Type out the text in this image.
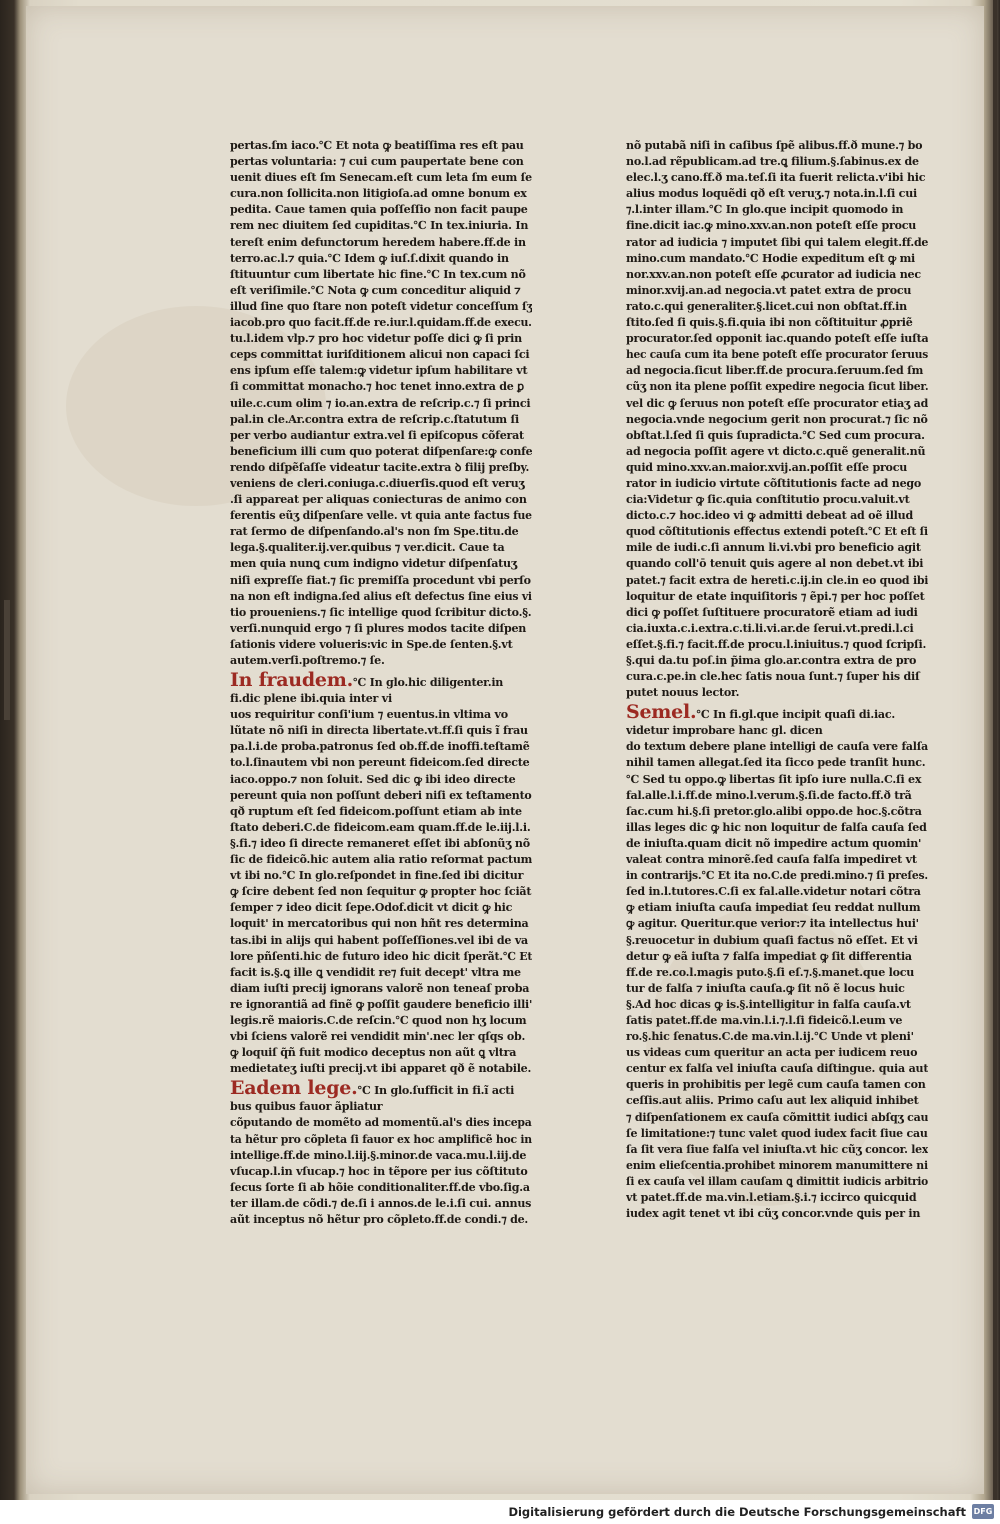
pertas.ſm iaco.℃ Et nota ꝙ beatiſſima res eſt pau
pertas voluntaria: ⁊ cui cum paupertate bene con
uenit diues eſt ſm Senecam.eſt cum leta ſm eum ſe
cura.non ſollicita.non litigioſa.ad omne bonum ex
pedita. Caue tamen quia poſſeſſio non facit paupe
rem nec diuitem ſed cupiditas.℃ In tex.iniuria. In
tereſt enim defunctorum heredem habere.ff.de in
terro.ac.l.⁊ quia.℃ Idem ꝙ iuſ.ſ.dixit quando in
ſtituuntur cum libertate hic fine.℃ In tex.cum nõ
eſt veriſimile.℃ Nota ꝙ cum conceditur aliquid ⁊
illud ſine quo ſtare non poteſt videtur conceſſum ſʒ
iacob.pro quo facit.ff.de re.iur.l.quidam.ff.de execu.
tu.l.idem vlp.⁊ pro hoc videtur poſſe dici ꝙ ſi prin
ceps committat iuriſditionem alicui non capaci ſci
ens ipſum eſſe talem:ꝙ videtur ipſum habilitare vt
ſi committat monacho.⁊ hoc tenet inno.extra de ꝑ
uile.c.cum olim ⁊ io.an.extra de reſcrip.c.⁊ ſi princi
pal.in cle.Ar.contra extra de reſcrip.c.ſtatutum ſi
per verbo audiantur extra.vel ſi epiſcopus cõferat
beneficium illi cum quo poterat diſpenſare:ꝙ confe
rendo diſpẽſaſſe videatur tacite.extra ꝺ filij preſby.
veniens de cleri.coniuga.c.diuerſis.quod eſt veruʒ
.ſi appareat per aliquas coniecturas de animo con
ferentis eũʒ diſpenſare velle. vt quia ante factus fue
rat ſermo de diſpenſando.al's non ſm Spe.titu.de
lega.§.qualiter.ij.ver.quibus ⁊ ver.dicit. Caue ta
men quia nunꝗ cum indigno videtur diſpenſatuʒ
niſi expreſſe fiat.⁊ ſic premiſſa procedunt vbi perſo
na non eſt indigna.ſed alius eſt defectus ſine eius vi
tio proueniens.⁊ ſic intellige quod ſcribitur dicto.§.
verſi.nunquid ergo ⁊ ſi plures modos tacite diſpen
ſationis videre volueris:vic in Spe.de ſenten.§.vt
autem.verſi.poſtremo.⁊ ſe.
In fraudem.℃ In glo.hic diligenter.in
fi.dic plene ibi.quia inter vi
uos requiritur conſi'ium ⁊ euentus.in vltima vo
lũtate nõ niſi in directa libertate.vt.ff.ſi quis ĩ frau
pa.l.i.de proba.patronus ſed ob.ff.de inoffi.teſtamẽ
to.l.ſinautem vbi non pereunt fideicom.ſed directe
iaco.oppo.⁊ non ſoluit. Sed dic ꝙ ibi ideo directe
pereunt quia non poſſunt deberi niſi ex teſtamento
qð ruptum eſt ſed fideicom.poſſunt etiam ab inte
ſtato deberi.C.de fideicom.eam quam.ff.de le.iij.l.i.
§.fi.⁊ ideo ſi directe remaneret eſſet ibi abſonũʒ nõ
ſic de fideicõ.hic autem alia ratio reſormat pactum
vt ibi no.℃ In glo.reſpondet in fine.ſed ibi dicitur
ꝙ ſcire debent ſed non ſequitur ꝙ propter hoc ſciãt
ſemper ⁊ ideo dicit ſepe.Odof.dicit vt dicit ꝙ hic
loquit' in mercatoribus qui non hñt res determina
tas.ibi in alijs qui habent poſſeſſiones.vel ibi de va
lore pñſenti.hic de futuro ideo hic dicit ſperãt.℃ Et
facit is.§.ꝗ ille ꝗ vendidit re⁊ fuit decept' vltra me
diam iuſti precij ignorans valorẽ non teneaſ proba
re ignorantiã ad finẽ ꝙ poſſit gaudere beneficio illi'
legis.rẽ maioris.C.de reſcin.℃ quod non hʒ locum
vbi ſciens valorẽ rei vendidit min'.nec ler qſqs ob.
ꝙ loquiſ q̃ñ fuit modico deceptus non aũt ꝗ vltra
medietateʒ iuſti precij.vt ibi apparet qð ẽ notabile.
Eadem lege.℃ In glo.ſufficit in fi.ĩ acti
bus quibus fauor ãpliatur
cõputando de momẽto ad momentũ.al's dies incepa
ta hẽtur pro cõpleta ſi fauor ex hoc amplificẽ hoc in
intellige.ff.de mino.l.iij.§.minor.de vaca.mu.l.iij.de
vſucap.l.in vſucap.⁊ hoc in tẽpore per ius cõſtituto
ſecus ſorte ſi ab hõie conditionaliter.ff.de vbo.ſig.a
ter illam.de cõdi.⁊ de.ſi i annos.de le.i.ſi cui. annus
aũt inceptus nõ hẽtur pro cõpleto.ff.de condi.⁊ de.
nõ putabã niſi in caſibus ſpẽ alibus.ff.ð mune.⁊ bo
no.l.ad rẽpublicam.ad tre.ꝗ filium.§.ſabinus.ex de
elec.l.ʒ cano.ff.ð ma.teſ.ſi ita fuerit relicta.v'ibi hic
alius modus loquẽdi qð eſt veruʒ.⁊ nota.in.l.ſi cui
⁊.l.inter illam.℃ In glo.que incipit quomodo in
fine.dicit iac.ꝙ mino.xxv.an.non poteſt eſſe procu
rator ad iudicia ⁊ imputet ſibi qui talem elegit.ff.de
mino.cum mandato.℃ Hodie expeditum eſt ꝙ mi
nor.xxv.an.non poteſt eſſe ꝓcurator ad iudicia nec
minor.xvij.an.ad negocia.vt patet extra de procu
rato.c.qui generaliter.§.licet.cui non obſtat.ff.in
ſtito.ſed ſi quis.§.fi.quia ibi non cõſtituitur ꝓpriẽ
procurator.ſed opponit iac.quando poteſt eſſe iuſta
hec cauſa cum ita bene poteſt eſſe procurator ſeruus
ad negocia.ſicut liber.ff.de procura.ſeruum.ſed ſm
cũʒ non ita plene poſſit expedire negocia ſicut liber.
vel dic ꝙ ſeruus non poteſt eſſe procurator etiaʒ ad
negocia.vnde negocium gerit non procurat.⁊ ſic nõ
obſtat.l.ſed ſi quis ſupradicta.℃ Sed cum procura.
ad negocia poſſit agere vt dicto.c.quẽ generalit.nũ
quid mino.xxv.an.maior.xvij.an.poſſit eſſe procu
rator in iudicio virtute cõſtitutionis facte ad nego
cia:Videtur ꝙ ſic.quia conſtitutio procu.valuit.vt
dicto.c.⁊ hoc.ideo vi ꝙ admitti debeat ad oẽ illud
quod cõſtitutionis effectus extendi poteſt.℃ Et eſt ſi
mile de iudi.c.ſi annum li.vi.vbi pro beneficio agit
quando coll'ō tenuit ꝗuis agere al non debet.vt ibi
patet.⁊ facit extra de hereti.c.ij.in cle.in eo quod ibi
loquitur de etate inquiſitoris ⁊ ẽpi.⁊ per hoc poſſet
dici ꝙ poſſet ſuſtituere procuratorẽ etiam ad iudi
cia.iuxta.c.i.extra.c.ti.li.vi.ar.de ſerui.vt.predi.l.ci
eſſet.§.fi.⁊ facit.ff.de procu.l.iniuitus.⁊ quod ſcripſi.
§.qui da.tu poſ.in p̃ima glo.ar.contra extra de pro
cura.c.pe.in cle.hec ſatis noua ſunt.⁊ ſuper his diſ
putet nouus lector.
Semel.℃ In fi.gl.que incipit quaſi di.iac.
videtur improbare hanc gl. dicen
do textum debere plane intelligi de cauſa vere falſa
nihil tamen allegat.ſed ita ſicco pede tranſit hunc.
℃ Sed tu oppo.ꝙ libertas ſit ipſo iure nulla.C.ſi ex
fal.alle.l.i.ff.de mino.l.verum.§.ſi.de facto.ff.ð trã
ſac.cum hi.§.ſi pretor.glo.alibi oppo.de hoc.§.cõtra
illas leges dic ꝙ hic non loquitur de falſa cauſa ſed
de iniuſta.quam dicit nõ impedire actum quomin'
valeat contra minorẽ.ſed cauſa falſa impediret vt
in contrarijs.℃ Et ita no.C.de predi.mino.⁊ ſi preſes.
ſed in.l.tutores.C.ſi ex fal.alle.videtur notari cõtra
ꝙ etiam iniuſta cauſa impediat ſeu reddat nullum
ꝙ agitur. Queritur.que verior:⁊ ita intellectus hui'
§.reuocetur in dubium quaſi factus nõ eſſet. Et vi
detur ꝙ eã iuſta ⁊ falſa impediat ꝙ ſit differentia
ff.de re.co.l.magis puto.§.ſi eſ.⁊.§.manet.que locu
tur de falſa ⁊ iniuſta cauſa.ꝙ ſit nõ ẽ locus huic
§.Ad hoc dicas ꝙ is.§.intelligitur in falſa cauſa.vt
ſatis patet.ff.de ma.vin.l.i.⁊.l.ſi fideicõ.l.eum ve
ro.§.hic ſenatus.C.de ma.vin.l.ij.℃ Unde vt pleni'
us videas cum queritur an acta per iudicem reuo
centur ex falſa vel iniuſta cauſa diſtingue. quia aut
queris in prohibitis per legẽ cum cauſa tamen con
ceſſis.aut aliis. Primo caſu aut lex aliquid inhibet
⁊ diſpenſationem ex cauſa cõmittit iudici abſqʒ cau
ſe limitatione:⁊ tunc valet quod iudex facit ſiue cau
ſa ſit vera ſiue falſa vel iniuſta.vt hic cũʒ concor. lex
enim elieſcentia.prohibet minorem manumittere ni
ſi ex cauſa vel illam cauſam ꝗ dimittit iudicis arbitrio
vt patet.ff.de ma.vin.l.etiam.§.i.⁊ iccirco quicquid
iudex agit tenet vt ibi cũʒ concor.vnde ꝗuis per in
Digitalisierung gefördert durch die Deutsche Forschungsgemeinschaft DFG
